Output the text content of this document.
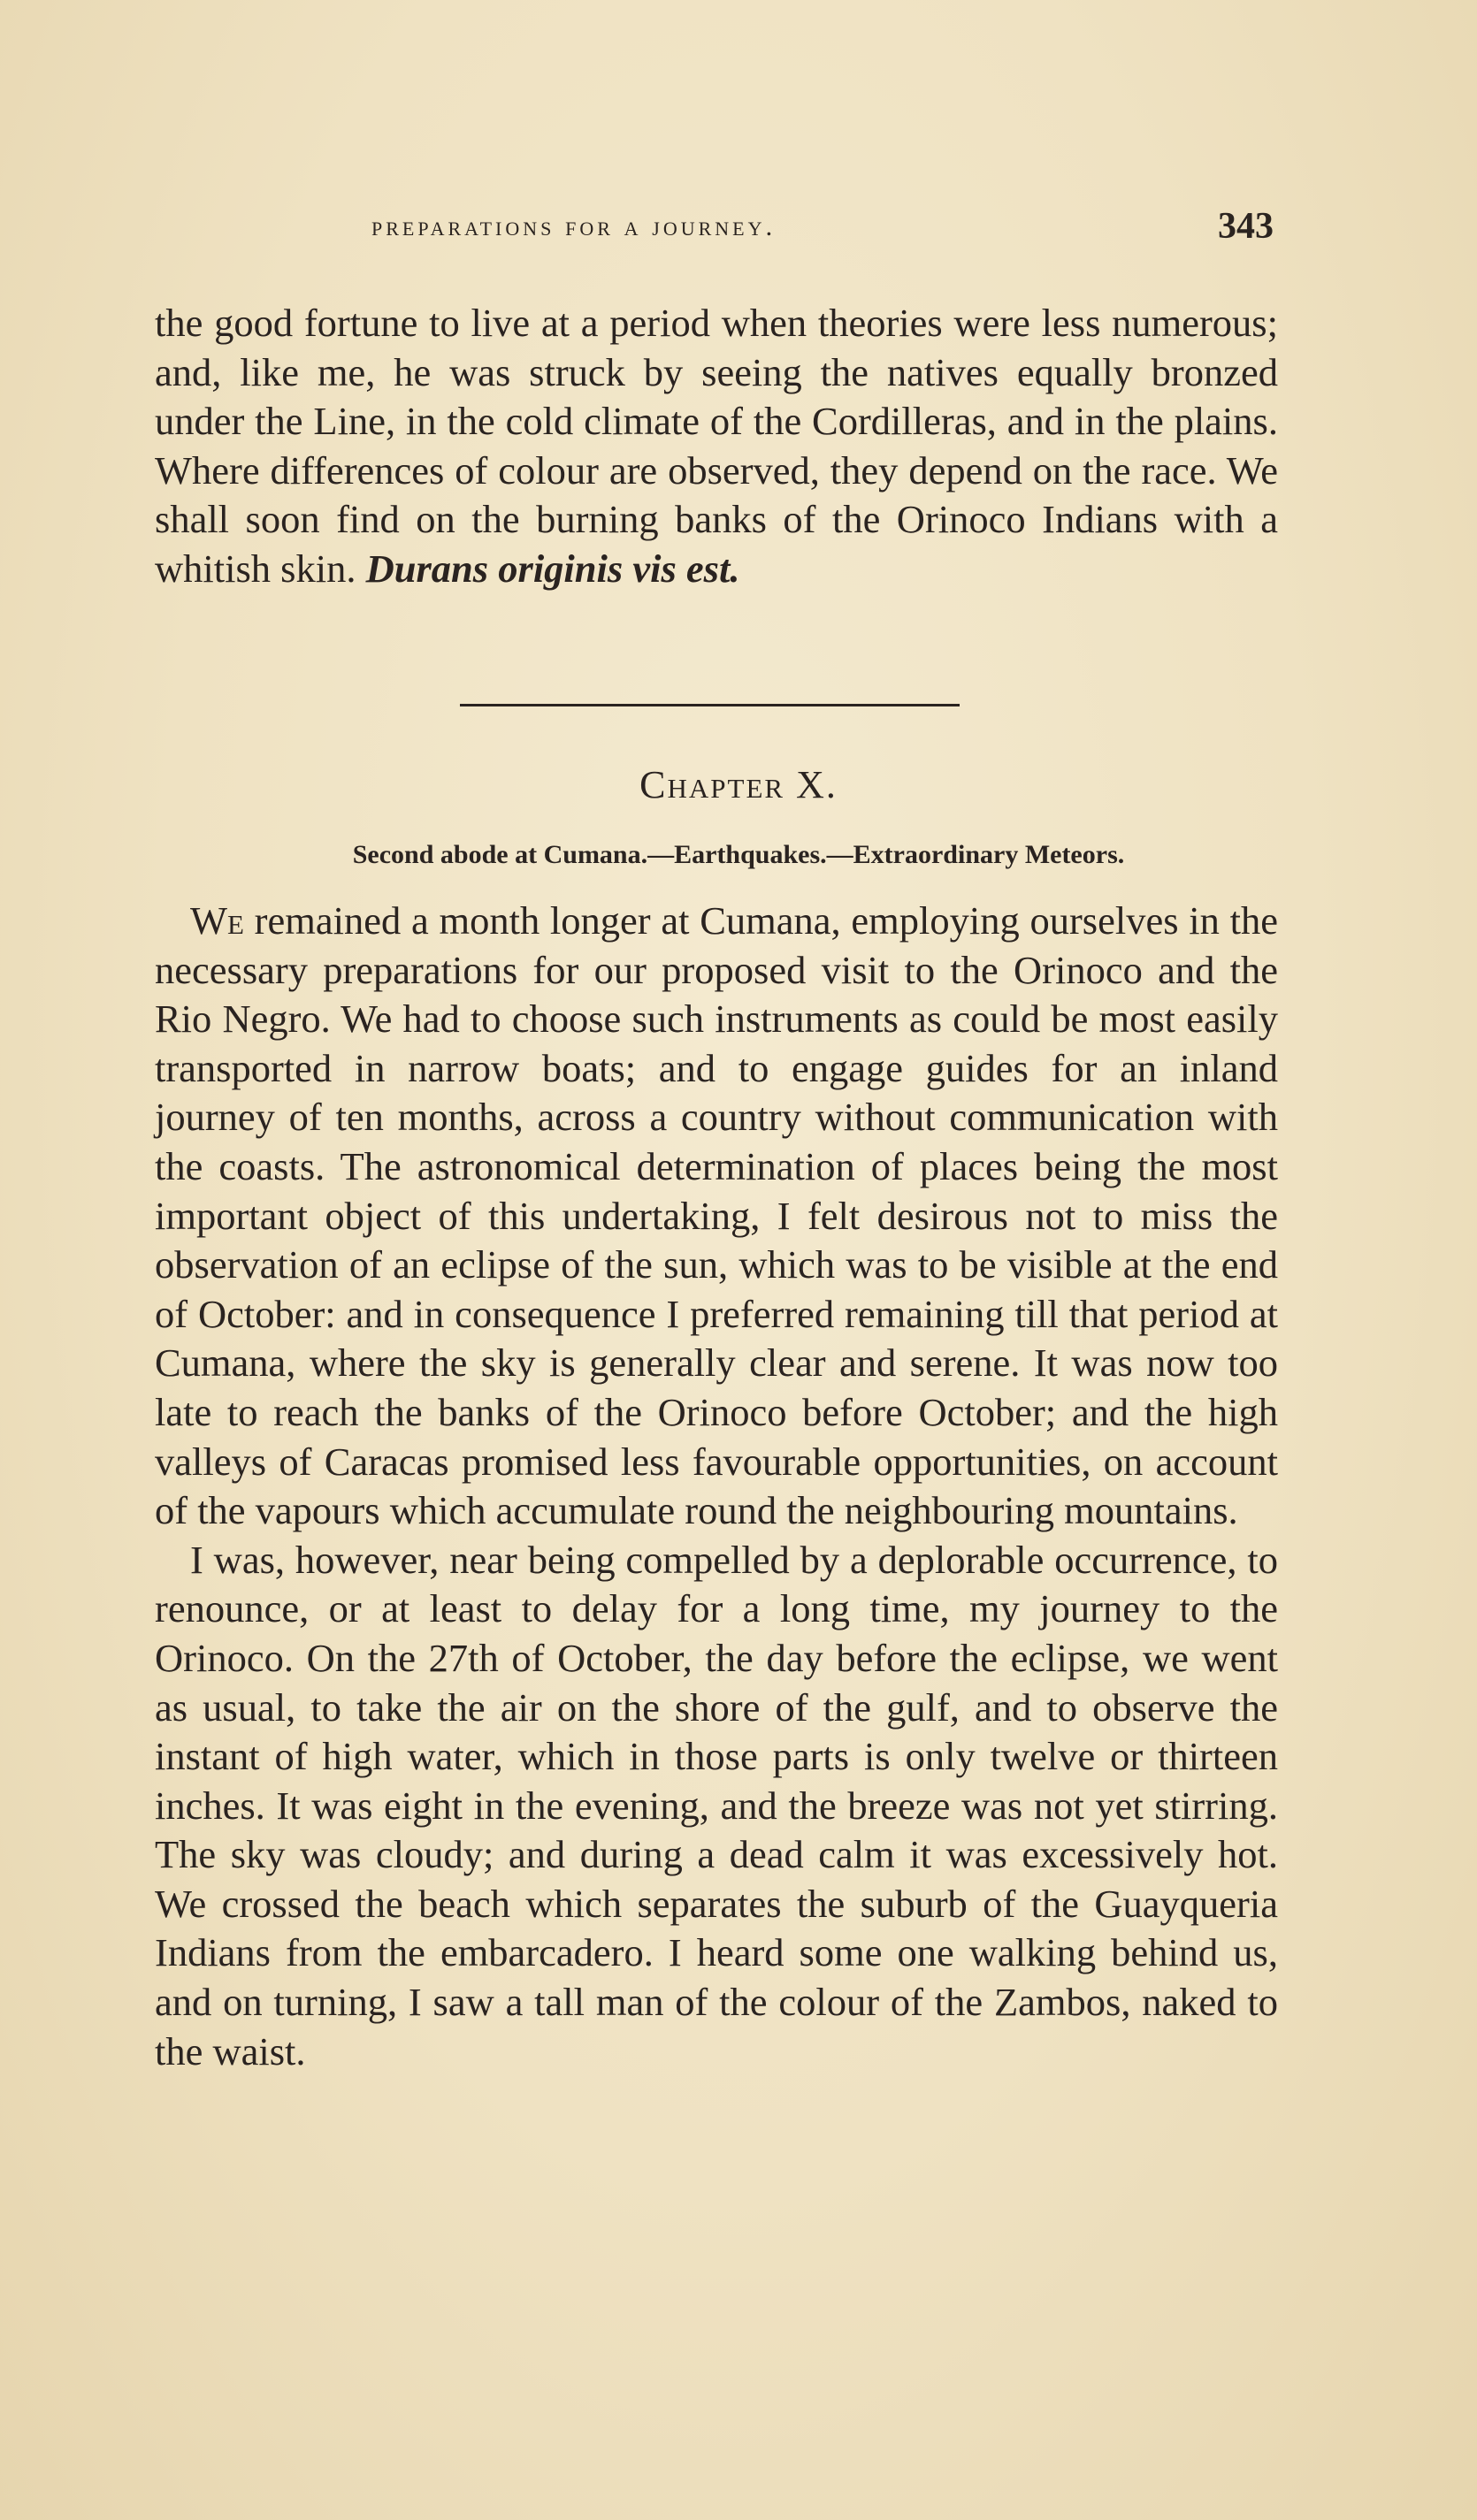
preparations for a journey.	343

the good fortune to live at a period when theories were less numerous; and, like me, he was struck by seeing the natives equally bronzed under the Line, in the cold climate of the Cordilleras, and in the plains. Where differences of colour are observed, they depend on the race. We shall soon find on the burning banks of the Orinoco Indians with a whitish skin. Durans originis vis est.

Chapter X.
Second abode at Cumana.—Earthquakes.—Extraordinary Meteors.

We remained a month longer at Cumana, employing ourselves in the necessary preparations for our proposed visit to the Orinoco and the Rio Negro. We had to choose such instruments as could be most easily transported in narrow boats; and to engage guides for an inland journey of ten months, across a country without communication with the coasts. The astronomical determination of places being the most important object of this undertaking, I felt desirous not to miss the observation of an eclipse of the sun, which was to be visible at the end of October: and in consequence I preferred remaining till that period at Cumana, where the sky is generally clear and serene. It was now too late to reach the banks of the Orinoco before October; and the high valleys of Caracas promised less favourable opportunities, on account of the vapours which accumulate round the neighbouring mountains.

I was, however, near being compelled by a deplorable occurrence, to renounce, or at least to delay for a long time, my journey to the Orinoco. On the 27th of October, the day before the eclipse, we went as usual, to take the air on the shore of the gulf, and to observe the instant of high water, which in those parts is only twelve or thirteen inches. It was eight in the evening, and the breeze was not yet stirring. The sky was cloudy; and during a dead calm it was excessively hot. We crossed the beach which separates the suburb of the Guayqueria Indians from the embarcadero. I heard some one walking behind us, and on turning, I saw a tall man of the colour of the Zambos, naked to the waist.
